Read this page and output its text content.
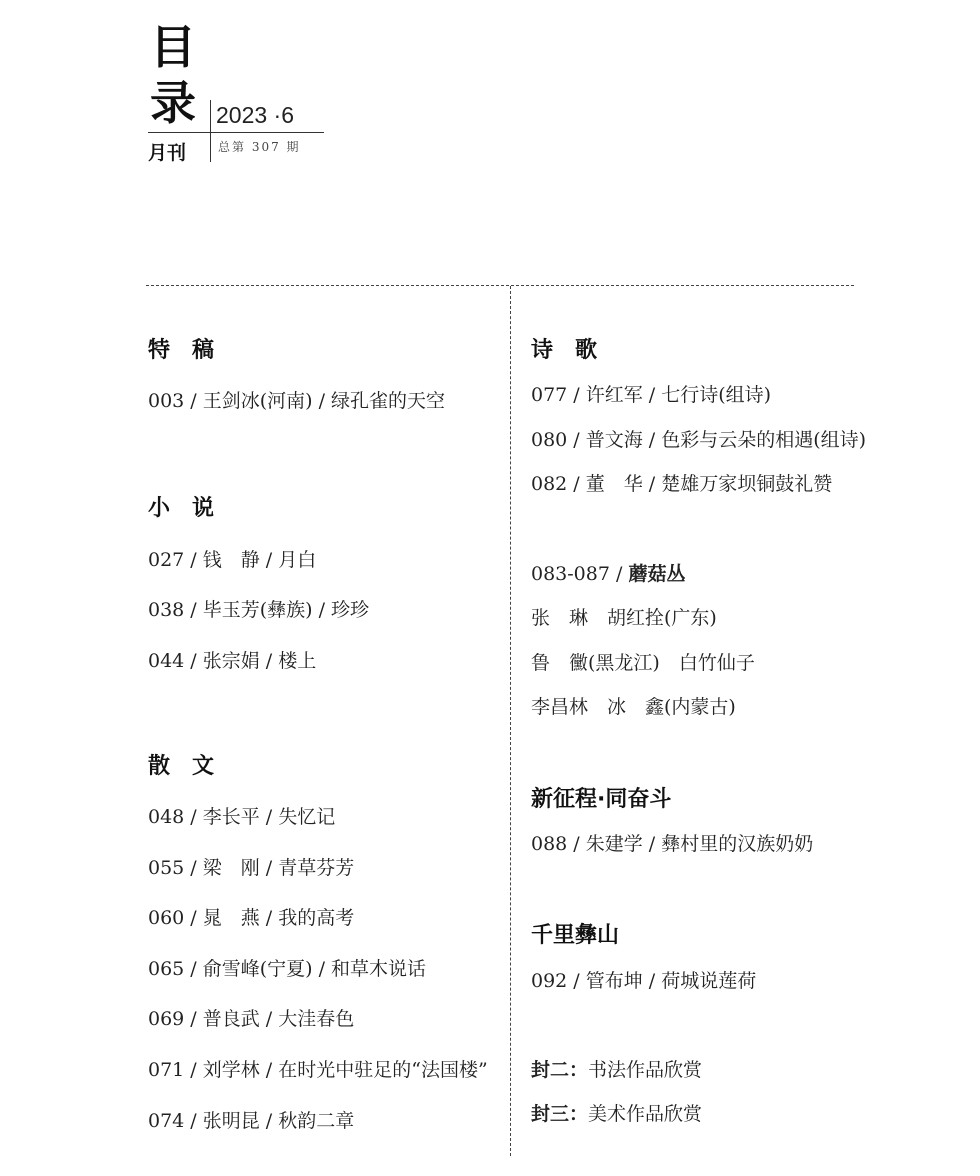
目
录 2023 ·6
月刊	总第 307 期
特　稿
003 / 王剑冰(河南) / 绿孔雀的天空
小　说
027 / 钱　静 / 月白
038 / 毕玉芳(彝族) / 珍珍
044 / 张宗娟 / 楼上
散　文
048 / 李长平 / 失忆记
055 / 梁　刚 / 青草芬芳
060 / 晁　燕 / 我的高考
065 / 俞雪峰(宁夏) / 和草木说话
069 / 普良武 / 大洼春色
071 / 刘学林 / 在时光中驻足的“法国楼”
074 / 张明昆 / 秋韵二章
诗　歌
077 / 许红军 / 七行诗(组诗)
080 / 普文海 / 色彩与云朵的相遇(组诗)
082 / 董　华 / 楚雄万家坝铜鼓礼赞
083-087 / 蘑菇丛
张　琳　胡红拴(广东)
鲁　黴(黑龙江)　白竹仙子
李昌林　冰　鑫(内蒙古)
新征程·同奋斗
088 / 朱建学 / 彝村里的汉族奶奶
千里彝山
092 / 管布坤 / 荷城说莲荷
封二：书法作品欣赏
封三：美术作品欣赏
